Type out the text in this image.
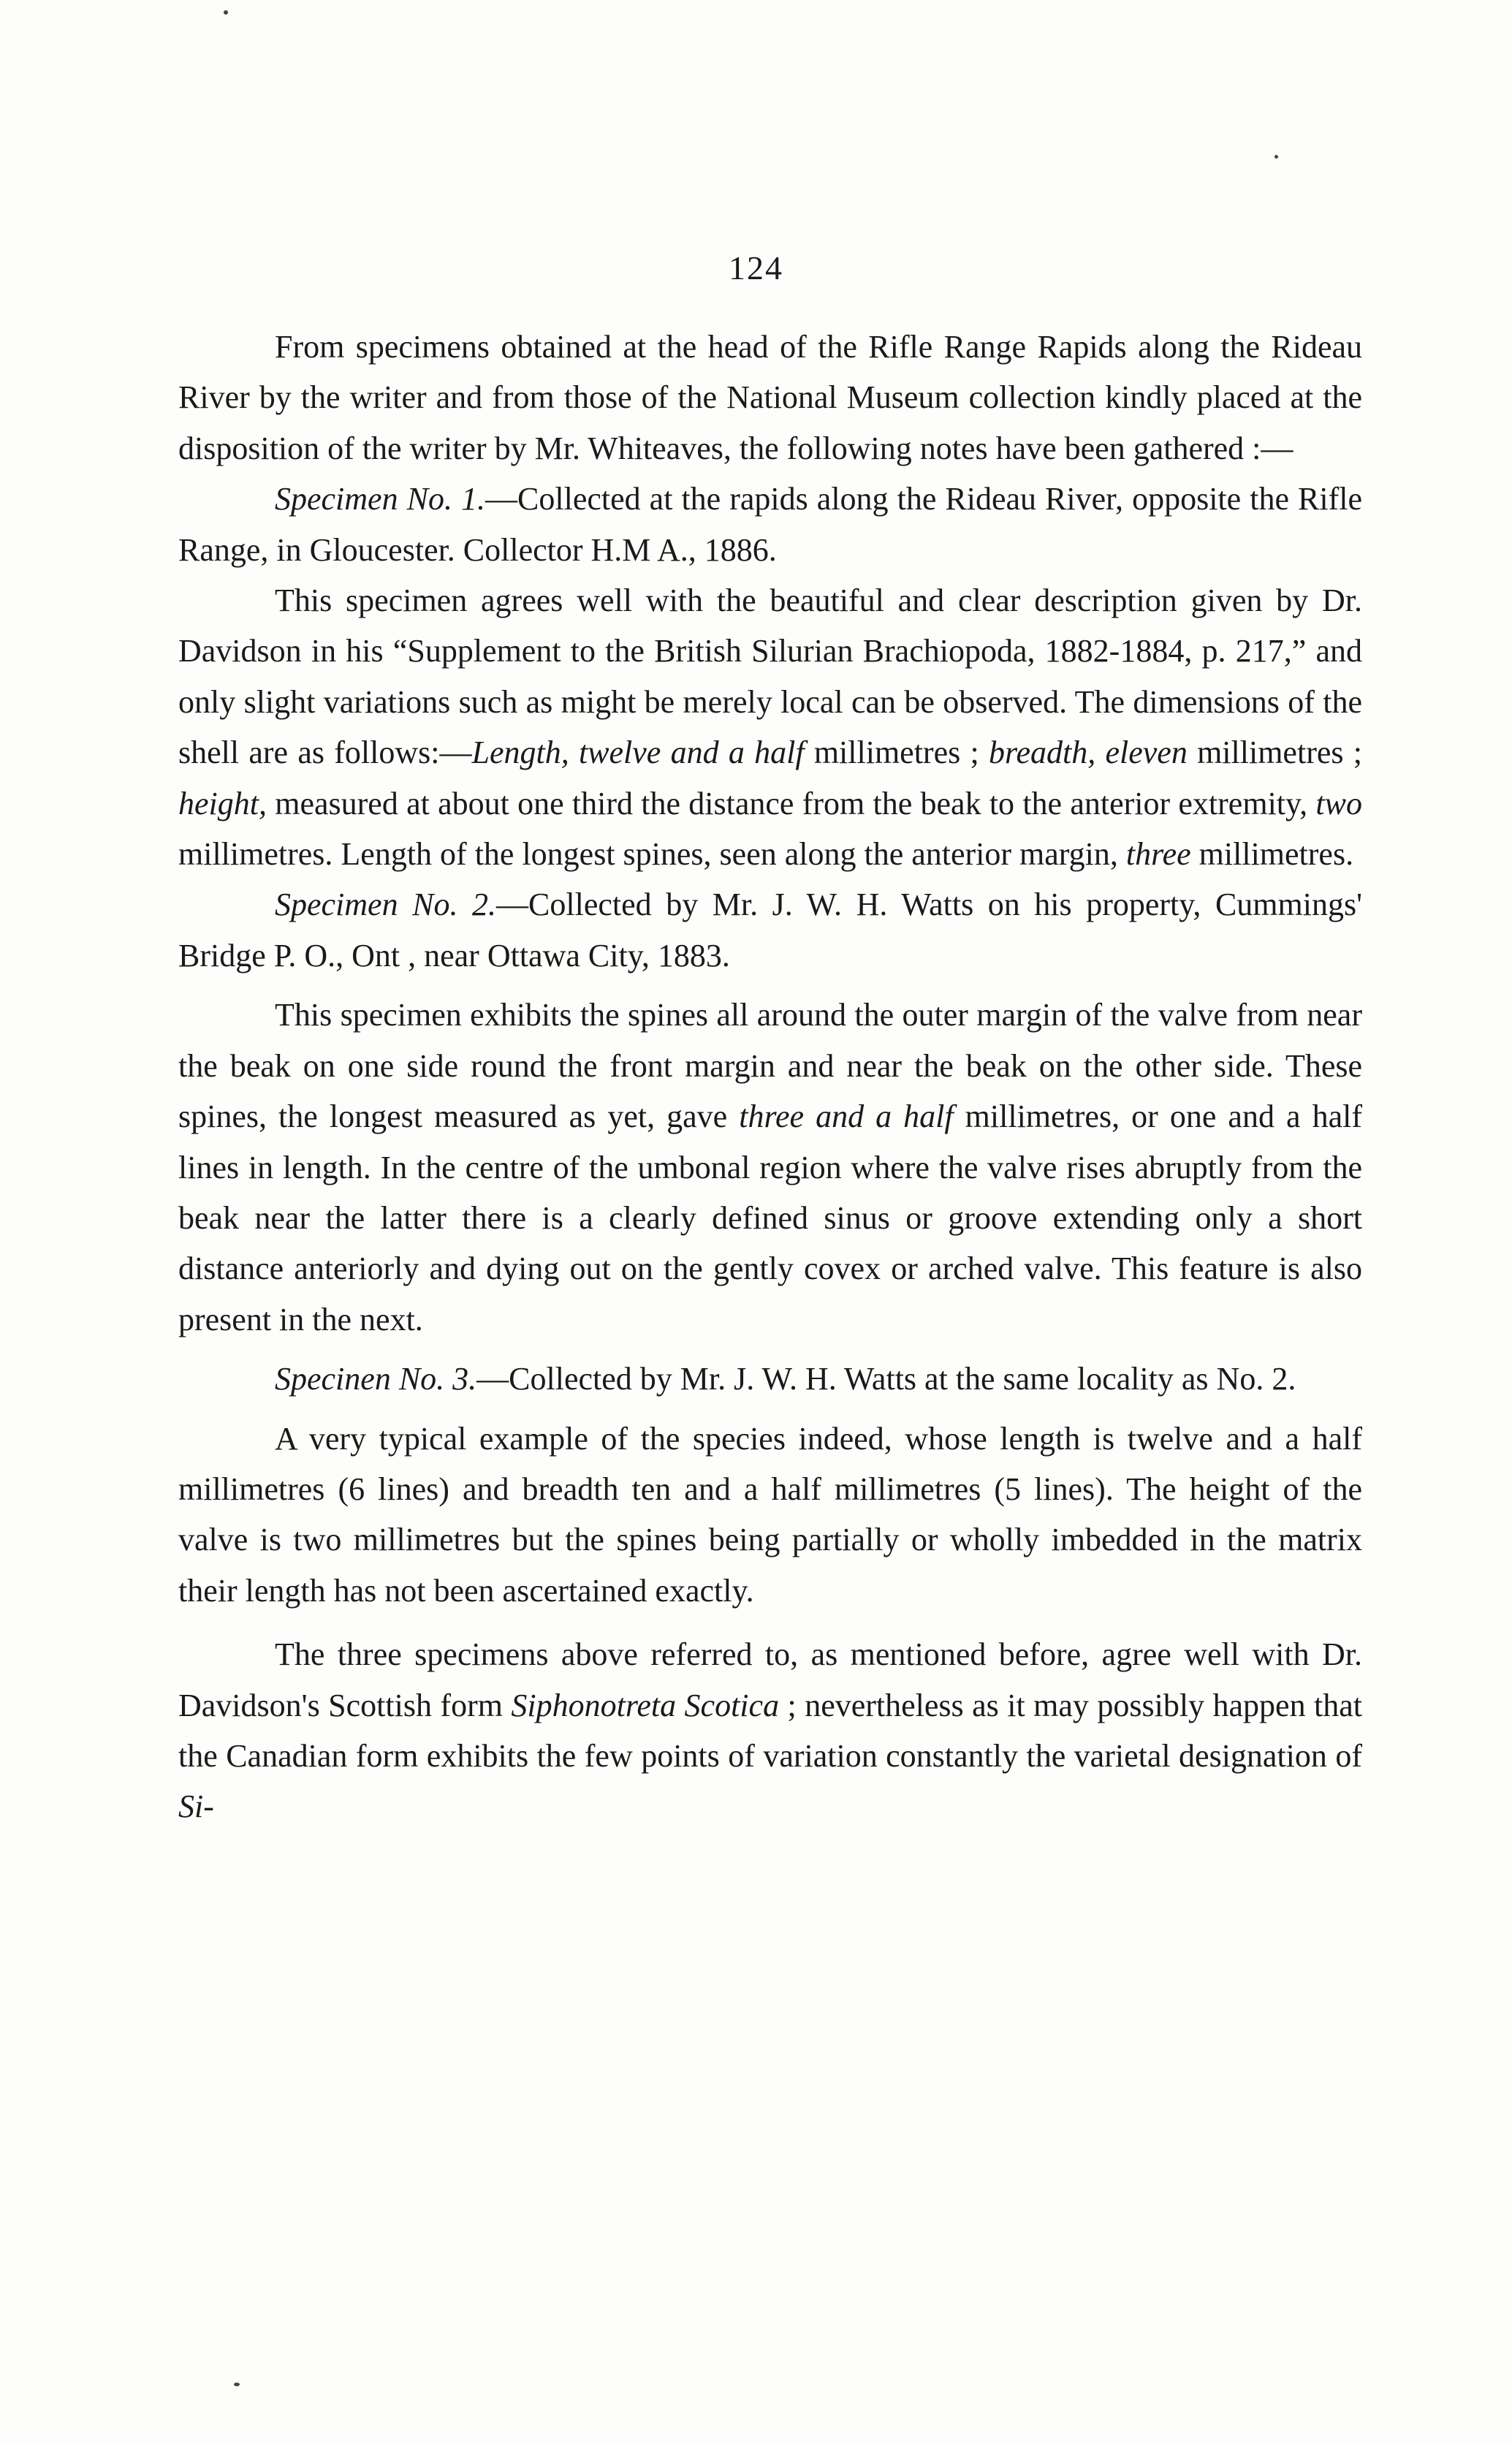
124

From specimens obtained at the head of the Rifle Range Rapids along the Rideau River by the writer and from those of the National Museum collection kindly placed at the disposition of the writer by Mr. Whiteaves, the following notes have been gathered :—

Specimen No. 1.—Collected at the rapids along the Rideau River, opposite the Rifle Range, in Gloucester. Collector H.M A., 1886.

This specimen agrees well with the beautiful and clear description given by Dr. Davidson in his “Supplement to the British Silurian Brachiopoda, 1882-1884, p. 217,” and only slight variations such as might be merely local can be observed. The dimensions of the shell are as follows:—Length, twelve and a half millimetres ; breadth, eleven millimetres ; height, measured at about one third the distance from the beak to the anterior extremity, two millimetres. Length of the longest spines, seen along the anterior margin, three millimetres.

Specimen No. 2.—Collected by Mr. J. W. H. Watts on his property, Cummings' Bridge P. O., Ont , near Ottawa City, 1883.

This specimen exhibits the spines all around the outer margin of the valve from near the beak on one side round the front margin and near the beak on the other side. These spines, the longest measured as yet, gave three and a half millimetres, or one and a half lines in length. In the centre of the umbonal region where the valve rises abruptly from the beak near the latter there is a clearly defined sinus or groove extending only a short distance anteriorly and dying out on the gently covex or arched valve. This feature is also present in the next.

Specinen No. 3.—Collected by Mr. J. W. H. Watts at the same locality as No. 2.

A very typical example of the species indeed, whose length is twelve and a half millimetres (6 lines) and breadth ten and a half millimetres (5 lines). The height of the valve is two millimetres but the spines being partially or wholly imbedded in the matrix their length has not been ascertained exactly.

The three specimens above referred to, as mentioned before, agree well with Dr. Davidson's Scottish form Siphonotreta Scotica ; nevertheless as it may possibly happen that the Canadian form exhibits the few points of variation constantly the varietal designation of Si-
